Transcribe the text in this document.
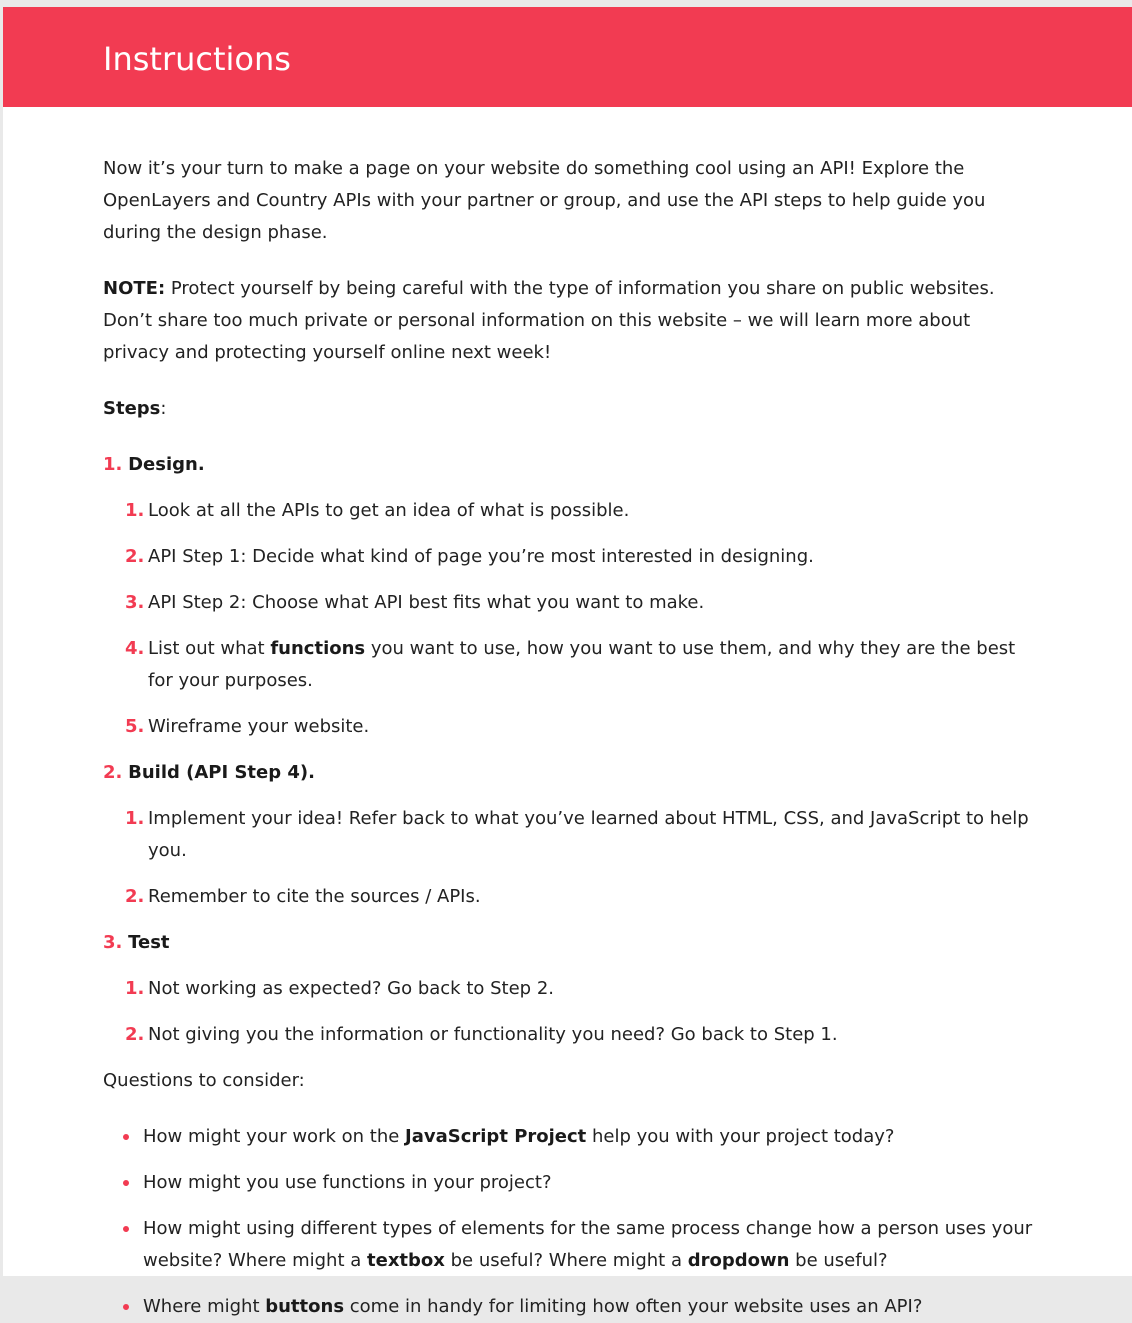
Instructions

Now it’s your turn to make a page on your website do something cool using an API! Explore the OpenLayers and Country APIs with your partner or group, and use the API steps to help guide you during the design phase.

NOTE: Protect yourself by being careful with the type of information you share on public websites. Don’t share too much private or personal information on this website – we will learn more about privacy and protecting yourself online next week!

Steps:

1. Design.
1. Look at all the APIs to get an idea of what is possible.
2. API Step 1: Decide what kind of page you’re most interested in designing.
3. API Step 2: Choose what API best fits what you want to make.
4. List out what functions you want to use, how you want to use them, and why they are the best for your purposes.
5. Wireframe your website.
2. Build (API Step 4).
1. Implement your idea! Refer back to what you’ve learned about HTML, CSS, and JavaScript to help you.
2. Remember to cite the sources / APIs.
3. Test
1. Not working as expected? Go back to Step 2.
2. Not giving you the information or functionality you need? Go back to Step 1.
Questions to consider:
How might your work on the JavaScript Project help you with your project today?
How might you use functions in your project?
How might using different types of elements for the same process change how a person uses your website? Where might a textbox be useful? Where might a dropdown be useful?
Where might buttons come in handy for limiting how often your website uses an API?
